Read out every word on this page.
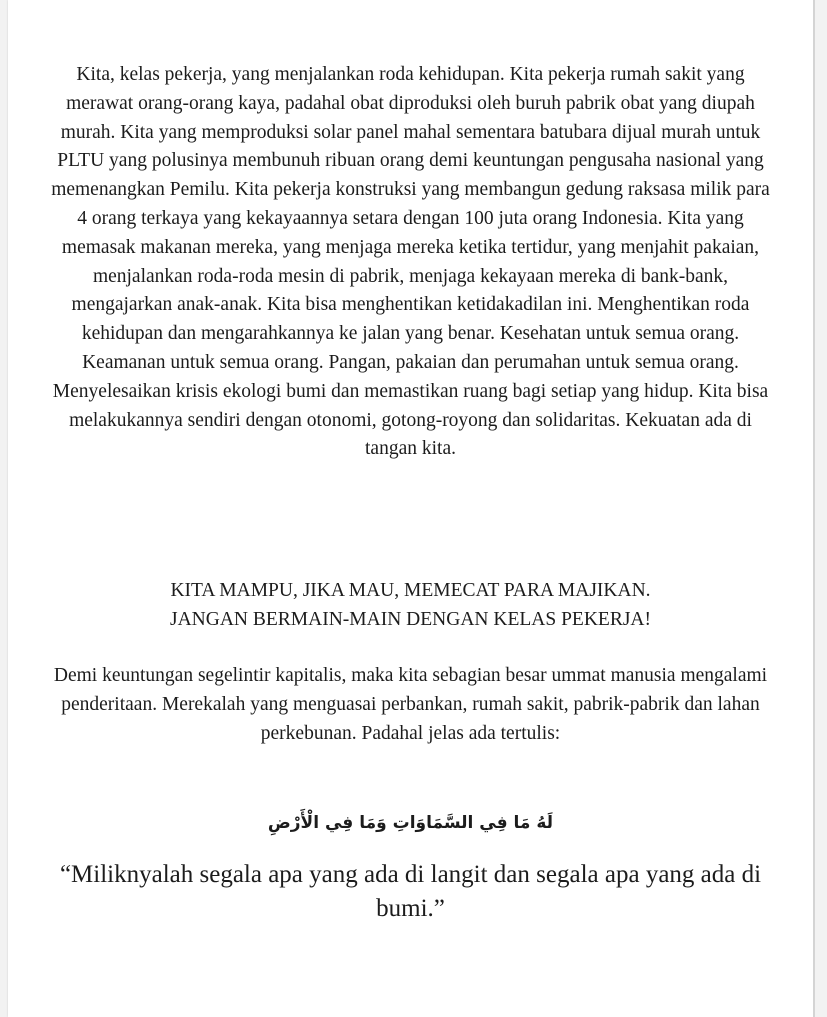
Kita, kelas pekerja, yang menjalankan roda kehidupan. Kita pekerja rumah sakit yang merawat orang-orang kaya, padahal obat diproduksi oleh buruh pabrik obat yang diupah murah. Kita yang memproduksi solar panel mahal sementara batubara dijual murah untuk PLTU yang polusinya membunuh ribuan orang demi keuntungan pengusaha nasional yang memenangkan Pemilu. Kita pekerja konstruksi yang membangun gedung raksasa milik para 4 orang terkaya yang kekayaannya setara dengan 100 juta orang Indonesia. Kita yang memasak makanan mereka, yang menjaga mereka ketika tertidur, yang menjahit pakaian, menjalankan roda-roda mesin di pabrik, menjaga kekayaan mereka di bank-bank, mengajarkan anak-anak. Kita bisa menghentikan ketidakadilan ini. Menghentikan roda kehidupan dan mengarahkannya ke jalan yang benar. Kesehatan untuk semua orang. Keamanan untuk semua orang. Pangan, pakaian dan perumahan untuk semua orang. Menyelesaikan krisis ekologi bumi dan memastikan ruang bagi setiap yang hidup. Kita bisa melakukannya sendiri dengan otonomi, gotong-royong dan solidaritas. Kekuatan ada di tangan kita.

KITA MAMPU, JIKA MAU, MEMECAT PARA MAJIKAN.
JANGAN BERMAIN-MAIN DENGAN KELAS PEKERJA!

Demi keuntungan segelintir kapitalis, maka kita sebagian besar ummat manusia mengalami penderitaan. Merekalah yang menguasai perbankan, rumah sakit, pabrik-pabrik dan lahan perkebunan. Padahal jelas ada tertulis:

لَهُ مَا فِي السَّمَاوَاتِ وَمَا فِي الْأَرْضِ

“Miliknyalah segala apa yang ada di langit dan segala apa yang ada di bumi.”
